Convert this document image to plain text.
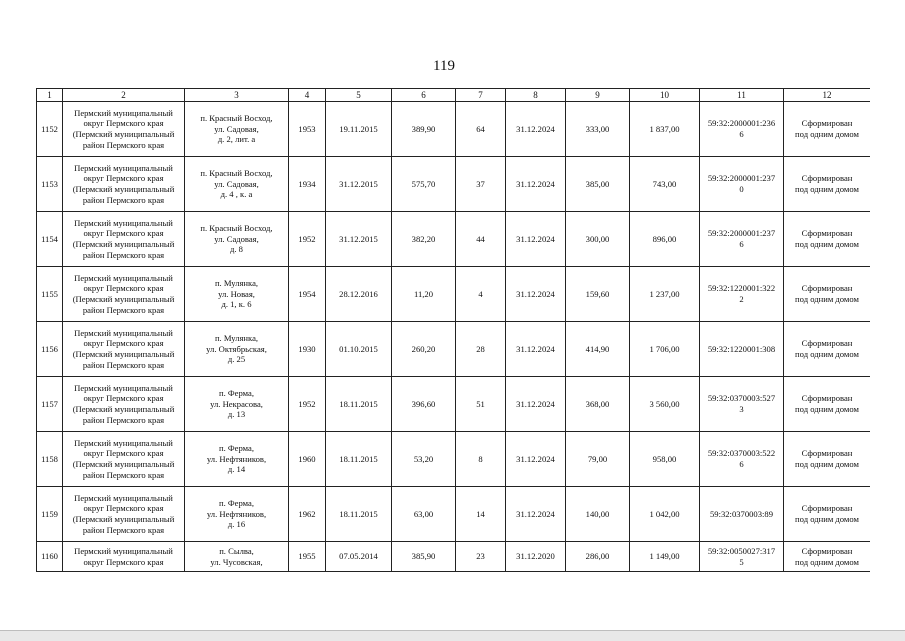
119
1	2	3	4	5	6	7	8	9	10	11	12

1152	Пермский муниципальный
округ Пермского края
(Пермский муниципальный
район Пермского края	п. Красный Восход,
ул. Садовая,
д. 2, лит. а	1953	19.11.2015	389,90	64	31.12.2024	333,00	1 837,00	59:32:2000001:236
6	Сформирован
под одним домом

1153	Пермский муниципальный
округ Пермского края
(Пермский муниципальный
район Пермского края	п. Красный Восход,
ул. Садовая,
д. 4 , к. а	1934	31.12.2015	575,70	37	31.12.2024	385,00	743,00	59:32:2000001:237
0	Сформирован
под одним домом

1154	Пермский муниципальный
округ Пермского края
(Пермский муниципальный
район Пермского края	п. Красный Восход,
ул. Садовая,
д. 8	1952	31.12.2015	382,20	44	31.12.2024	300,00	896,00	59:32:2000001:237
6	Сформирован
под одним домом

1155	Пермский муниципальный
округ Пермского края
(Пермский муниципальный
район Пермского края	п. Мулянка,
ул. Новая,
д. 1, к. 6	1954	28.12.2016	11,20	4	31.12.2024	159,60	1 237,00	59:32:1220001:322
2	Сформирован
под одним домом

1156	Пермский муниципальный
округ Пермского края
(Пермский муниципальный
район Пермского края	п. Мулянка,
ул. Октябрьская,
д. 25	1930	01.10.2015	260,20	28	31.12.2024	414,90	1 706,00	59:32:1220001:308	Сформирован
под одним домом

1157	Пермский муниципальный
округ Пермского края
(Пермский муниципальный
район Пермского края	п. Ферма,
ул. Некрасова,
д. 13	1952	18.11.2015	396,60	51	31.12.2024	368,00	3 560,00	59:32:0370003:527
3	Сформирован
под одним домом

1158	Пермский муниципальный
округ Пермского края
(Пермский муниципальный
район Пермского края	п. Ферма,
ул. Нефтяников,
д. 14	1960	18.11.2015	53,20	8	31.12.2024	79,00	958,00	59:32:0370003:522
6	Сформирован
под одним домом

1159	Пермский муниципальный
округ Пермского края
(Пермский муниципальный
район Пермского края	п. Ферма,
ул. Нефтяников,
д. 16	1962	18.11.2015	63,00	14	31.12.2024	140,00	1 042,00	59:32:0370003:89	Сформирован
под одним домом

1160	Пермский муниципальный
округ Пермского края	п. Сылва,
ул. Чусовская,	1955	07.05.2014	385,90	23	31.12.2020	286,00	1 149,00	59:32:0050027:317
5	Сформирован
под одним домом
